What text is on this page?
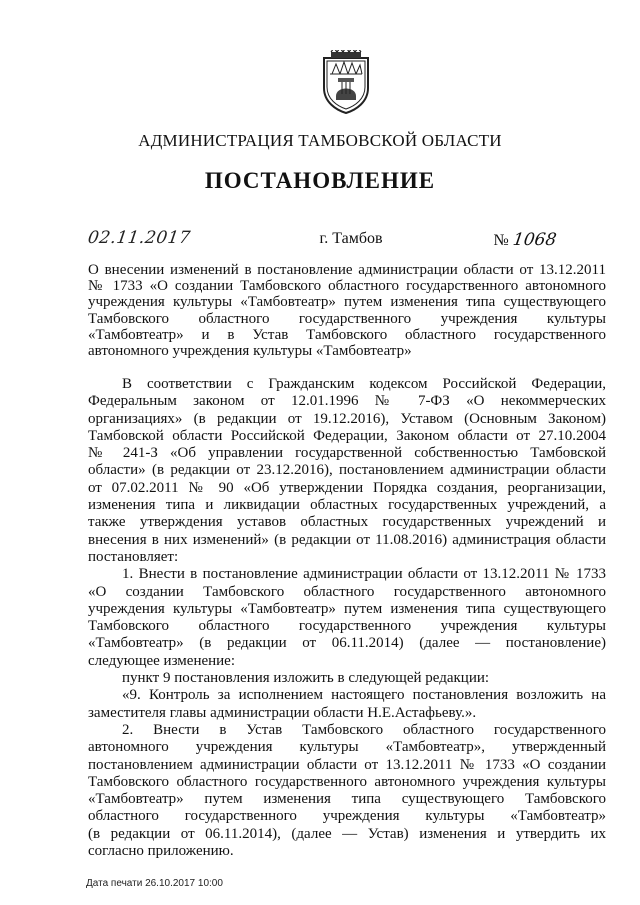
АДМИНИСТРАЦИЯ ТАМБОВСКОЙ ОБЛАСТИ
ПОСТАНОВЛЕНИЕ
02.11.2017	г. Тамбов	№ 1068
О внесении изменений в постановление администрации области от 13.12.2011
№ 1733 «О создании Тамбовского областного государственного автономного
учреждения культуры «Тамбовтеатр» путем изменения типа существующего
Тамбовского областного государственного учреждения культуры
«Тамбовтеатр» и в Устав Тамбовского областного государственного
автономного учреждения культуры «Тамбовтеатр»
В соответствии с Гражданским кодексом Российской Федерации,
Федеральным законом от 12.01.1996 № 7-ФЗ «О некоммерческих
организациях» (в редакции от 19.12.2016), Уставом (Основным Законом)
Тамбовской области Российской Федерации, Законом области от 27.10.2004
№ 241-З «Об управлении государственной собственностью Тамбовской
области» (в редакции от 23.12.2016), постановлением администрации области
от 07.02.2011 № 90 «Об утверждении Порядка создания, реорганизации,
изменения типа и ликвидации областных государственных учреждений, а
также утверждения уставов областных государственных учреждений и
внесения в них изменений» (в редакции от 11.08.2016) администрация области
постановляет:
1. Внести в постановление администрации области от 13.12.2011 № 1733
«О создании Тамбовского областного государственного автономного
учреждения культуры «Тамбовтеатр» путем изменения типа существующего
Тамбовского областного государственного учреждения культуры
«Тамбовтеатр» (в редакции от 06.11.2014) (далее — постановление)
следующее изменение:
пункт 9 постановления изложить в следующей редакции:
«9. Контроль за исполнением настоящего постановления возложить на
заместителя главы администрации области Н.Е.Астафьеву.».
2. Внести в Устав Тамбовского областного государственного
автономного учреждения культуры «Тамбовтеатр», утвержденный
постановлением администрации области от 13.12.2011 № 1733 «О создании
Тамбовского областного государственного автономного учреждения культуры
«Тамбовтеатр» путем изменения типа существующего Тамбовского
областного государственного учреждения культуры «Тамбовтеатр»
(в редакции от 06.11.2014), (далее — Устав) изменения и утвердить их
согласно приложению.
Дата печати 26.10.2017 10:00
